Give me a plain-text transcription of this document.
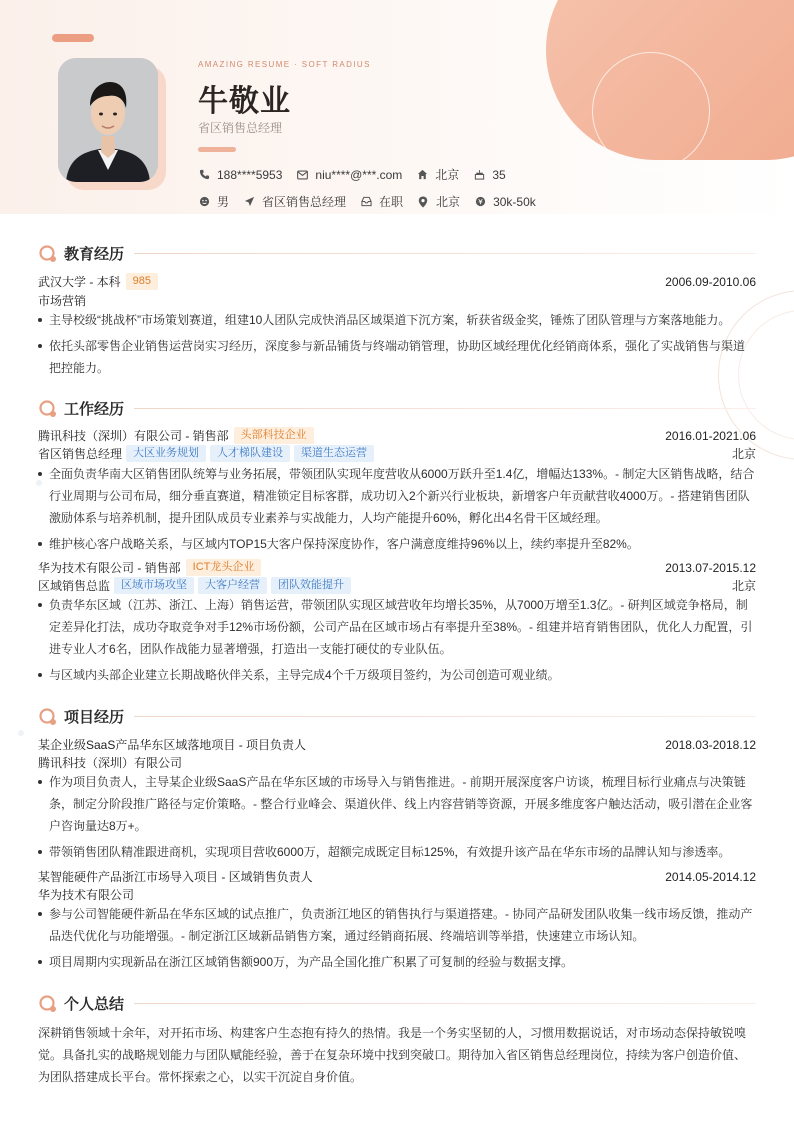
AMAZING RESUME · SOFT RADIUS
牛敬业
省区销售总经理
188****5953	niu****@***.com	北京	35
男	省区销售总经理	在职	北京	30k-50k
教育经历
武汉大学 - 本科	985	2006.09-2010.06
市场营销
主导校级“挑战杯”市场策划赛道，组建10人团队完成快消品区域渠道下沉方案，斩获省级金奖，锤炼了团队管理与方案落地能力。
依托头部零售企业销售运营岗实习经历，深度参与新品铺货与终端动销管理，协助区域经理优化经销商体系，强化了实战销售与渠道把控能力。
工作经历
腾讯科技（深圳）有限公司 - 销售部	头部科技企业	2016.01-2021.06
省区销售总经理	大区业务规划	人才梯队建设	渠道生态运营	北京
全面负责华南大区销售团队统筹与业务拓展，带领团队实现年度营收从6000万跃升至1.4亿，增幅达133%。- 制定大区销售战略，结合行业周期与公司布局，细分垂直赛道，精准锁定目标客群，成功切入2个新兴行业板块，新增客户年贡献营收4000万。- 搭建销售团队激励体系与培养机制，提升团队成员专业素养与实战能力，人均产能提升60%，孵化出4名骨干区域经理。
维护核心客户战略关系，与区域内TOP15大客户保持深度协作，客户满意度维持96%以上，续约率提升至82%。
华为技术有限公司 - 销售部	ICT龙头企业	2013.07-2015.12
区域销售总监	区域市场攻坚	大客户经营	团队效能提升	北京
负责华东区域（江苏、浙江、上海）销售运营，带领团队实现区域营收年均增长35%，从7000万增至1.3亿。- 研判区域竞争格局，制定差异化打法，成功夺取竞争对手12%市场份额，公司产品在区域市场占有率提升至38%。- 组建并培育销售团队，优化人力配置，引进专业人才6名，团队作战能力显著增强，打造出一支能打硬仗的专业队伍。
与区域内头部企业建立长期战略伙伴关系，主导完成4个千万级项目签约，为公司创造可观业绩。
项目经历
某企业级SaaS产品华东区域落地项目 - 项目负责人	2018.03-2018.12
腾讯科技（深圳）有限公司
作为项目负责人，主导某企业级SaaS产品在华东区域的市场导入与销售推进。- 前期开展深度客户访谈，梳理目标行业痛点与决策链条，制定分阶段推广路径与定价策略。- 整合行业峰会、渠道伙伴、线上内容营销等资源，开展多维度客户触达活动，吸引潜在企业客户咨询量达8万+。
带领销售团队精准跟进商机，实现项目营收6000万，超额完成既定目标125%，有效提升该产品在华东市场的品牌认知与渗透率。
某智能硬件产品浙江市场导入项目 - 区域销售负责人	2014.05-2014.12
华为技术有限公司
参与公司智能硬件新品在华东区域的试点推广，负责浙江地区的销售执行与渠道搭建。- 协同产品研发团队收集一线市场反馈，推动产品迭代优化与功能增强。- 制定浙江区域新品销售方案，通过经销商拓展、终端培训等举措，快速建立市场认知。
项目周期内实现新品在浙江区域销售额900万，为产品全国化推广积累了可复制的经验与数据支撑。
个人总结
深耕销售领域十余年，对开拓市场、构建客户生态抱有持久的热情。我是一个务实坚韧的人，习惯用数据说话，对市场动态保持敏锐嗅觉。具备扎实的战略规划能力与团队赋能经验，善于在复杂环境中找到突破口。期待加入省区销售总经理岗位，持续为客户创造价值、为团队搭建成长平台。常怀探索之心，以实干沉淀自身价值。
